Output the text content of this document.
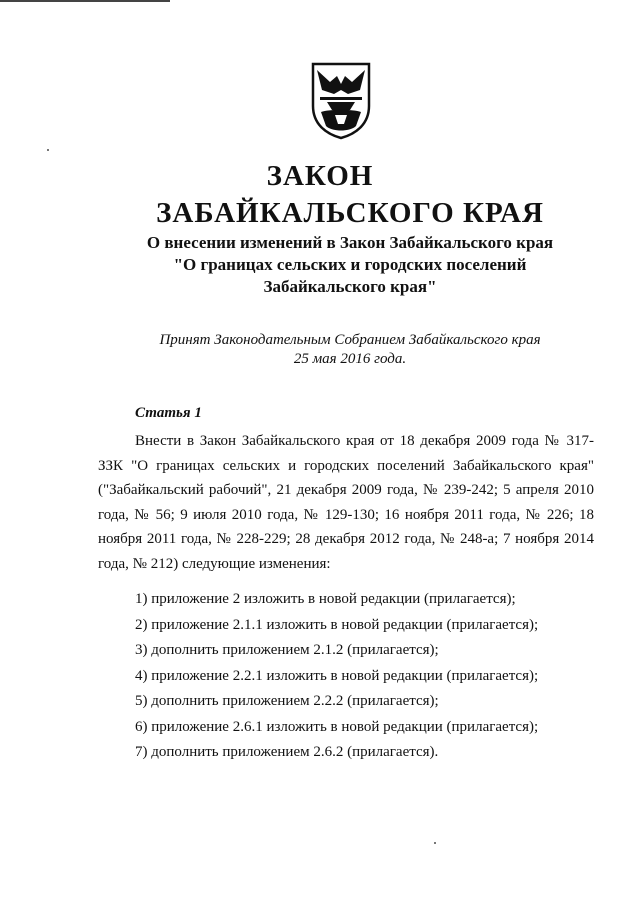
ЗАКОН
ЗАБАЙКАЛЬСКОГО КРАЯ
О внесении изменений в Закон Забайкальского края
"О границах сельских и городских поселений
Забайкальского края"
Принят Законодательным Собранием Забайкальского края
25 мая 2016 года.
Статья 1
Внести в Закон Забайкальского края от 18 декабря 2009 года № 317-ЗЗК "О границах сельских и городских поселений Забайкальского края" ("Забайкальский рабочий", 21 декабря 2009 года, № 239-242; 5 апреля 2010 года, № 56; 9 июля 2010 года, № 129-130; 16 ноября 2011 года, № 226; 18 ноября 2011 года, № 228-229; 28 декабря 2012 года, № 248-а; 7 ноября 2014 года, № 212) следующие изменения:
1) приложение 2 изложить в новой редакции (прилагается);
2) приложение 2.1.1 изложить в новой редакции (прилагается);
3) дополнить приложением 2.1.2 (прилагается);
4) приложение 2.2.1 изложить в новой редакции (прилагается);
5) дополнить приложением 2.2.2 (прилагается);
6) приложение 2.6.1 изложить в новой редакции (прилагается);
7) дополнить приложением 2.6.2 (прилагается).
